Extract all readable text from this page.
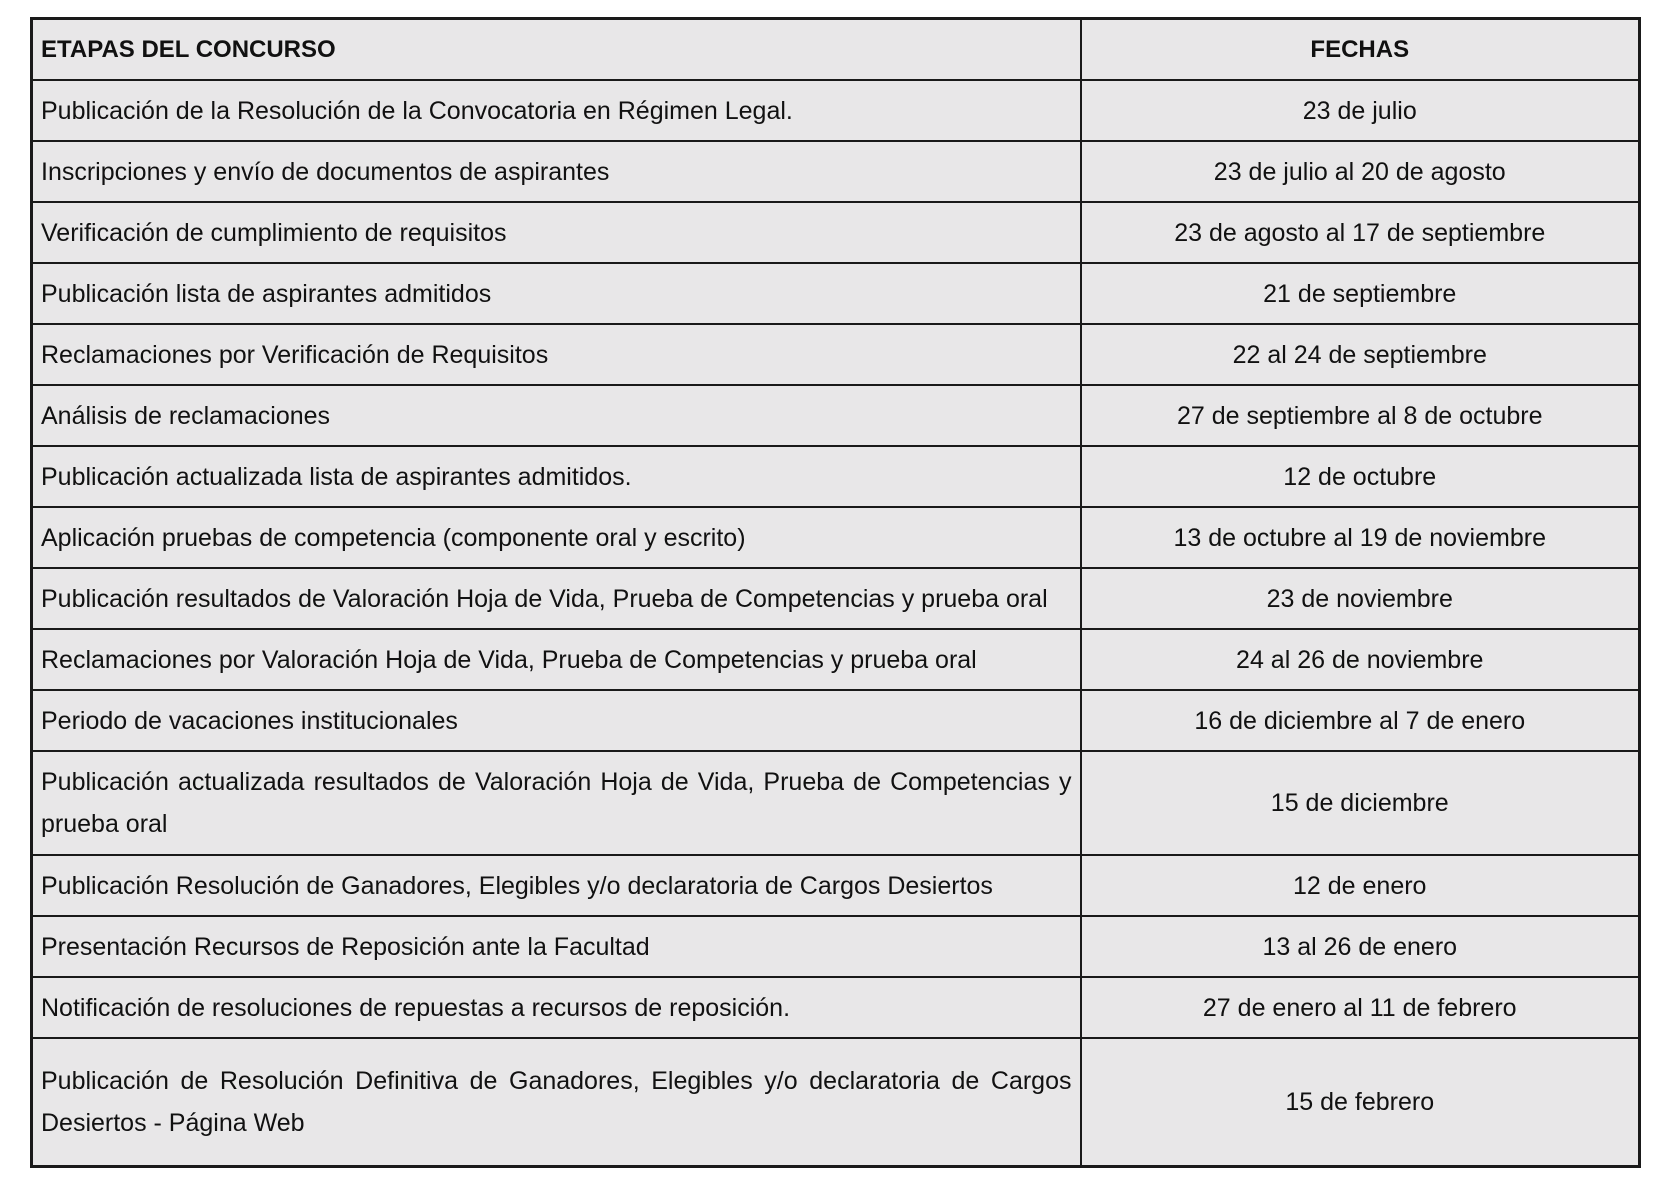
ETAPAS DEL CONCURSO	FECHAS
Publicación de la Resolución de la Convocatoria en Régimen Legal.	23 de julio
Inscripciones y envío de documentos de aspirantes	23 de julio al 20 de agosto
Verificación de cumplimiento de requisitos	23 de agosto al 17 de septiembre
Publicación lista de aspirantes admitidos	21 de septiembre
Reclamaciones por Verificación de Requisitos	22 al 24 de septiembre
Análisis de reclamaciones	27 de septiembre al 8 de octubre
Publicación actualizada lista de aspirantes admitidos.	12 de octubre
Aplicación pruebas de competencia (componente oral y escrito)	13 de octubre al 19 de noviembre
Publicación resultados de Valoración Hoja de Vida, Prueba de Competencias y prueba oral	23 de noviembre
Reclamaciones por Valoración Hoja de Vida, Prueba de Competencias y prueba oral	24 al 26 de noviembre
Periodo de vacaciones institucionales	16 de diciembre al 7 de enero
Publicación actualizada resultados de Valoración Hoja de Vida, Prueba de Competencias y prueba oral	15 de diciembre
Publicación Resolución de Ganadores, Elegibles y/o declaratoria de Cargos Desiertos	12 de enero
Presentación Recursos de Reposición ante la Facultad	13 al 26 de enero
Notificación de resoluciones de repuestas a recursos de reposición.	27 de enero al 11 de febrero
Publicación de Resolución Definitiva de Ganadores, Elegibles y/o declaratoria de Cargos Desiertos - Página Web	15 de febrero
